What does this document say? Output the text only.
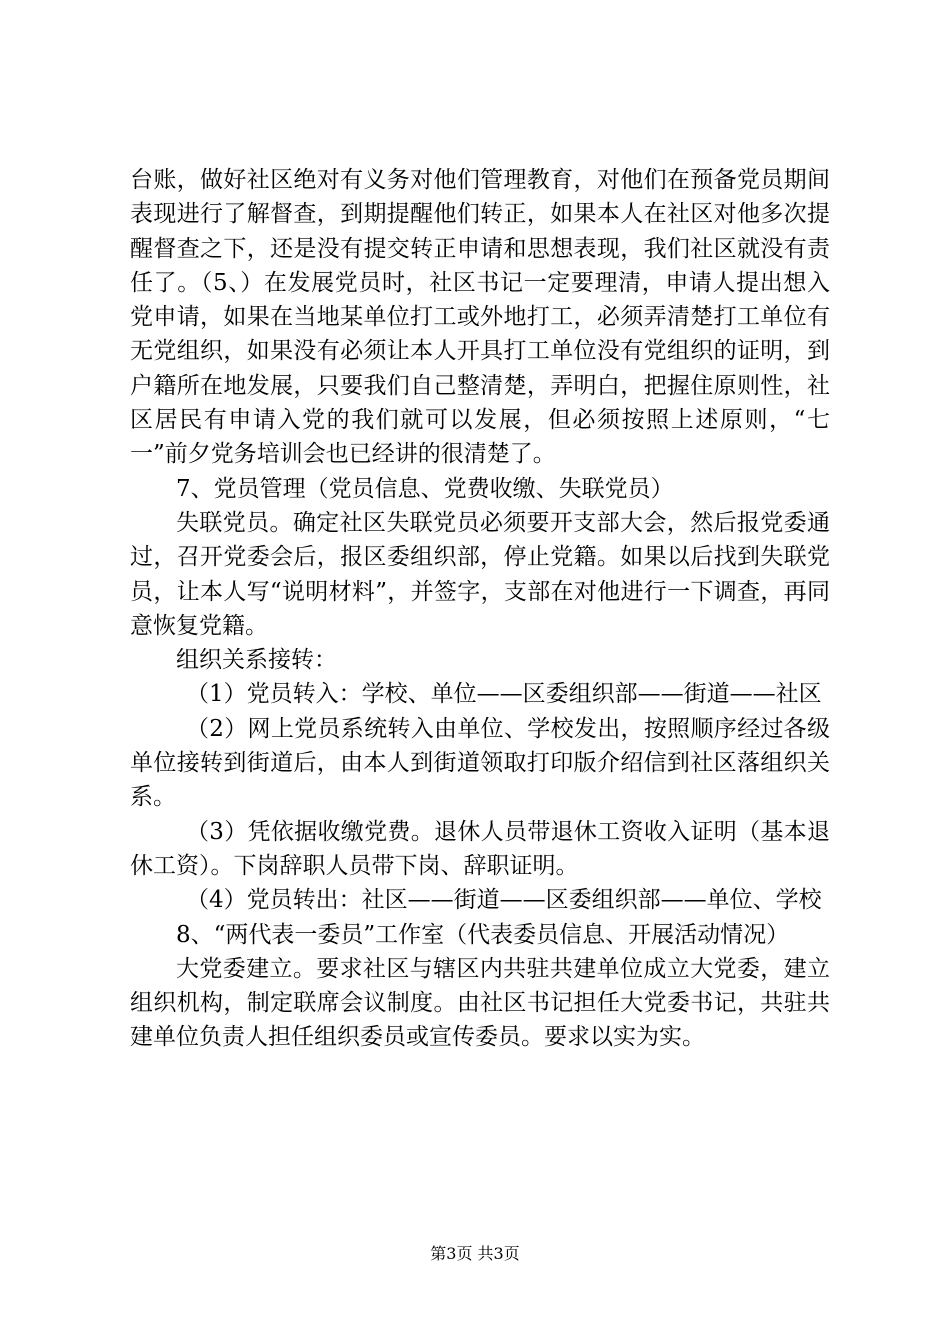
台账，做好社区绝对有义务对他们管理教育，对他们在预备党员期间表现进行了解督查，到期提醒他们转正，如果本人在社区对他多次提醒督查之下，还是没有提交转正申请和思想表现，我们社区就没有责任了。（5、）在发展党员时，社区书记一定要理清，申请人提出想入党申请，如果在当地某单位打工或外地打工，必须弄清楚打工单位有无党组织，如果没有必须让本人开具打工单位没有党组织的证明，到户籍所在地发展，只要我们自己整清楚，弄明白，把握住原则性，社区居民有申请入党的我们就可以发展，但必须按照上述原则，“七一”前夕党务培训会也已经讲的很清楚了。

7、党员管理（党员信息、党费收缴、失联党员）

失联党员。确定社区失联党员必须要开支部大会，然后报党委通过，召开党委会后，报区委组织部，停止党籍。如果以后找到失联党员，让本人写“说明材料”，并签字，支部在对他进行一下调查，再同意恢复党籍。

组织关系接转：

（1）党员转入：学校、单位——区委组织部——街道——社区

（2）网上党员系统转入由单位、学校发出，按照顺序经过各级单位接转到街道后，由本人到街道领取打印版介绍信到社区落组织关系。

（3）凭依据收缴党费。退休人员带退休工资收入证明（基本退休工资）。下岗辞职人员带下岗、辞职证明。

（4）党员转出：社区——街道——区委组织部——单位、学校

8、“两代表一委员”工作室（代表委员信息、开展活动情况）

大党委建立。要求社区与辖区内共驻共建单位成立大党委，建立组织机构，制定联席会议制度。由社区书记担任大党委书记，共驻共建单位负责人担任组织委员或宣传委员。要求以实为实。

第3页 共3页
